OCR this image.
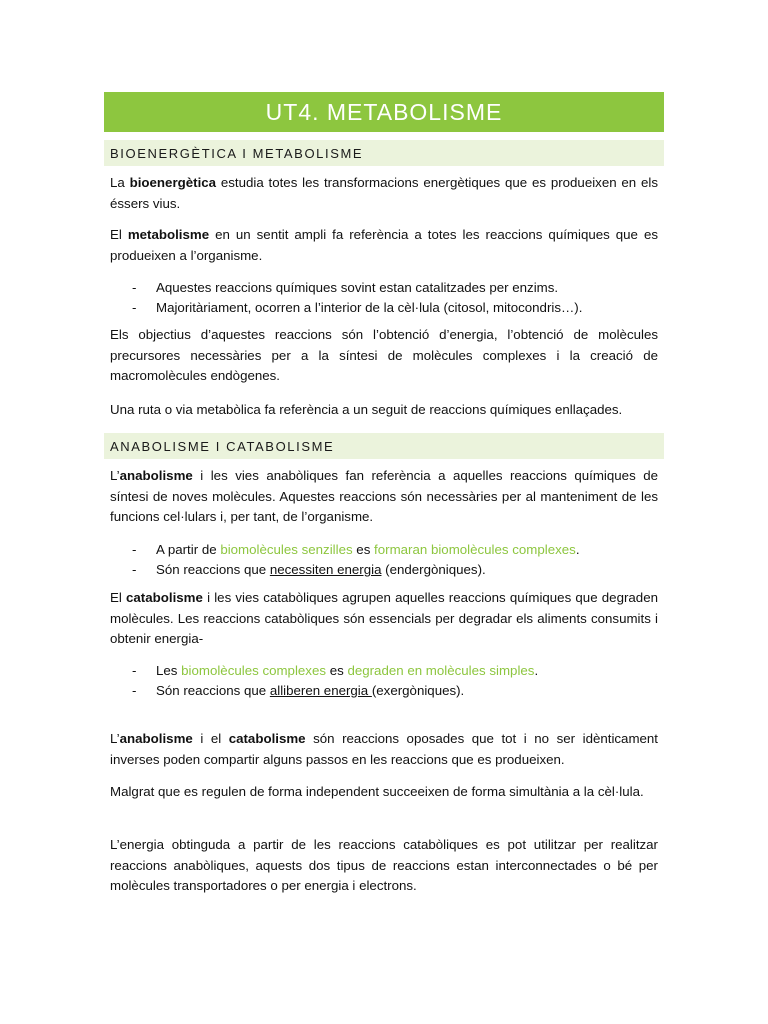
UT4. METABOLISME
BIOENERGÈTICA I METABOLISME

La bioenergètica estudia totes les transformacions energètiques que es produeixen en els éssers vius.

El metabolisme en un sentit ampli fa referència a totes les reaccions químiques que es produeixen a l’organisme.

- Aquestes reaccions químiques sovint estan catalitzades per enzims.
- Majoritàriament, ocorren a l’interior de la cèl·lula (citosol, mitocondris…).

Els objectius d’aquestes reaccions són l’obtenció d’energia, l’obtenció de molècules precursores necessàries per a la síntesi de molècules complexes i la creació de macromolècules endògenes.

Una ruta o via metabòlica fa referència a un seguit de reaccions químiques enllaçades.

ANABOLISME I CATABOLISME

L’anabolisme i les vies anabòliques fan referència a aquelles reaccions químiques de síntesi de noves molècules. Aquestes reaccions són necessàries per al manteniment de les funcions cel·lulars i, per tant, de l’organisme.

- A partir de biomolècules senzilles es formaran biomolècules complexes.
- Són reaccions que necessiten energia (endergòniques).

El catabolisme i les vies catabòliques agrupen aquelles reaccions químiques que degraden molècules. Les reaccions catabòliques són essencials per degradar els aliments consumits i obtenir energia-

- Les biomolècules complexes es degraden en molècules simples.
- Són reaccions que alliberen energia (exergòniques).

L’anabolisme i el catabolisme són reaccions oposades que tot i no ser idènticament inverses poden compartir alguns passos en les reaccions que es produeixen.

Malgrat que es regulen de forma independent succeeixen de forma simultània a la cèl·lula.

L’energia obtinguda a partir de les reaccions catabòliques es pot utilitzar per realitzar reaccions anabòliques, aquests dos tipus de reaccions estan interconnectades o bé per molècules transportadores o per energia i electrons.
